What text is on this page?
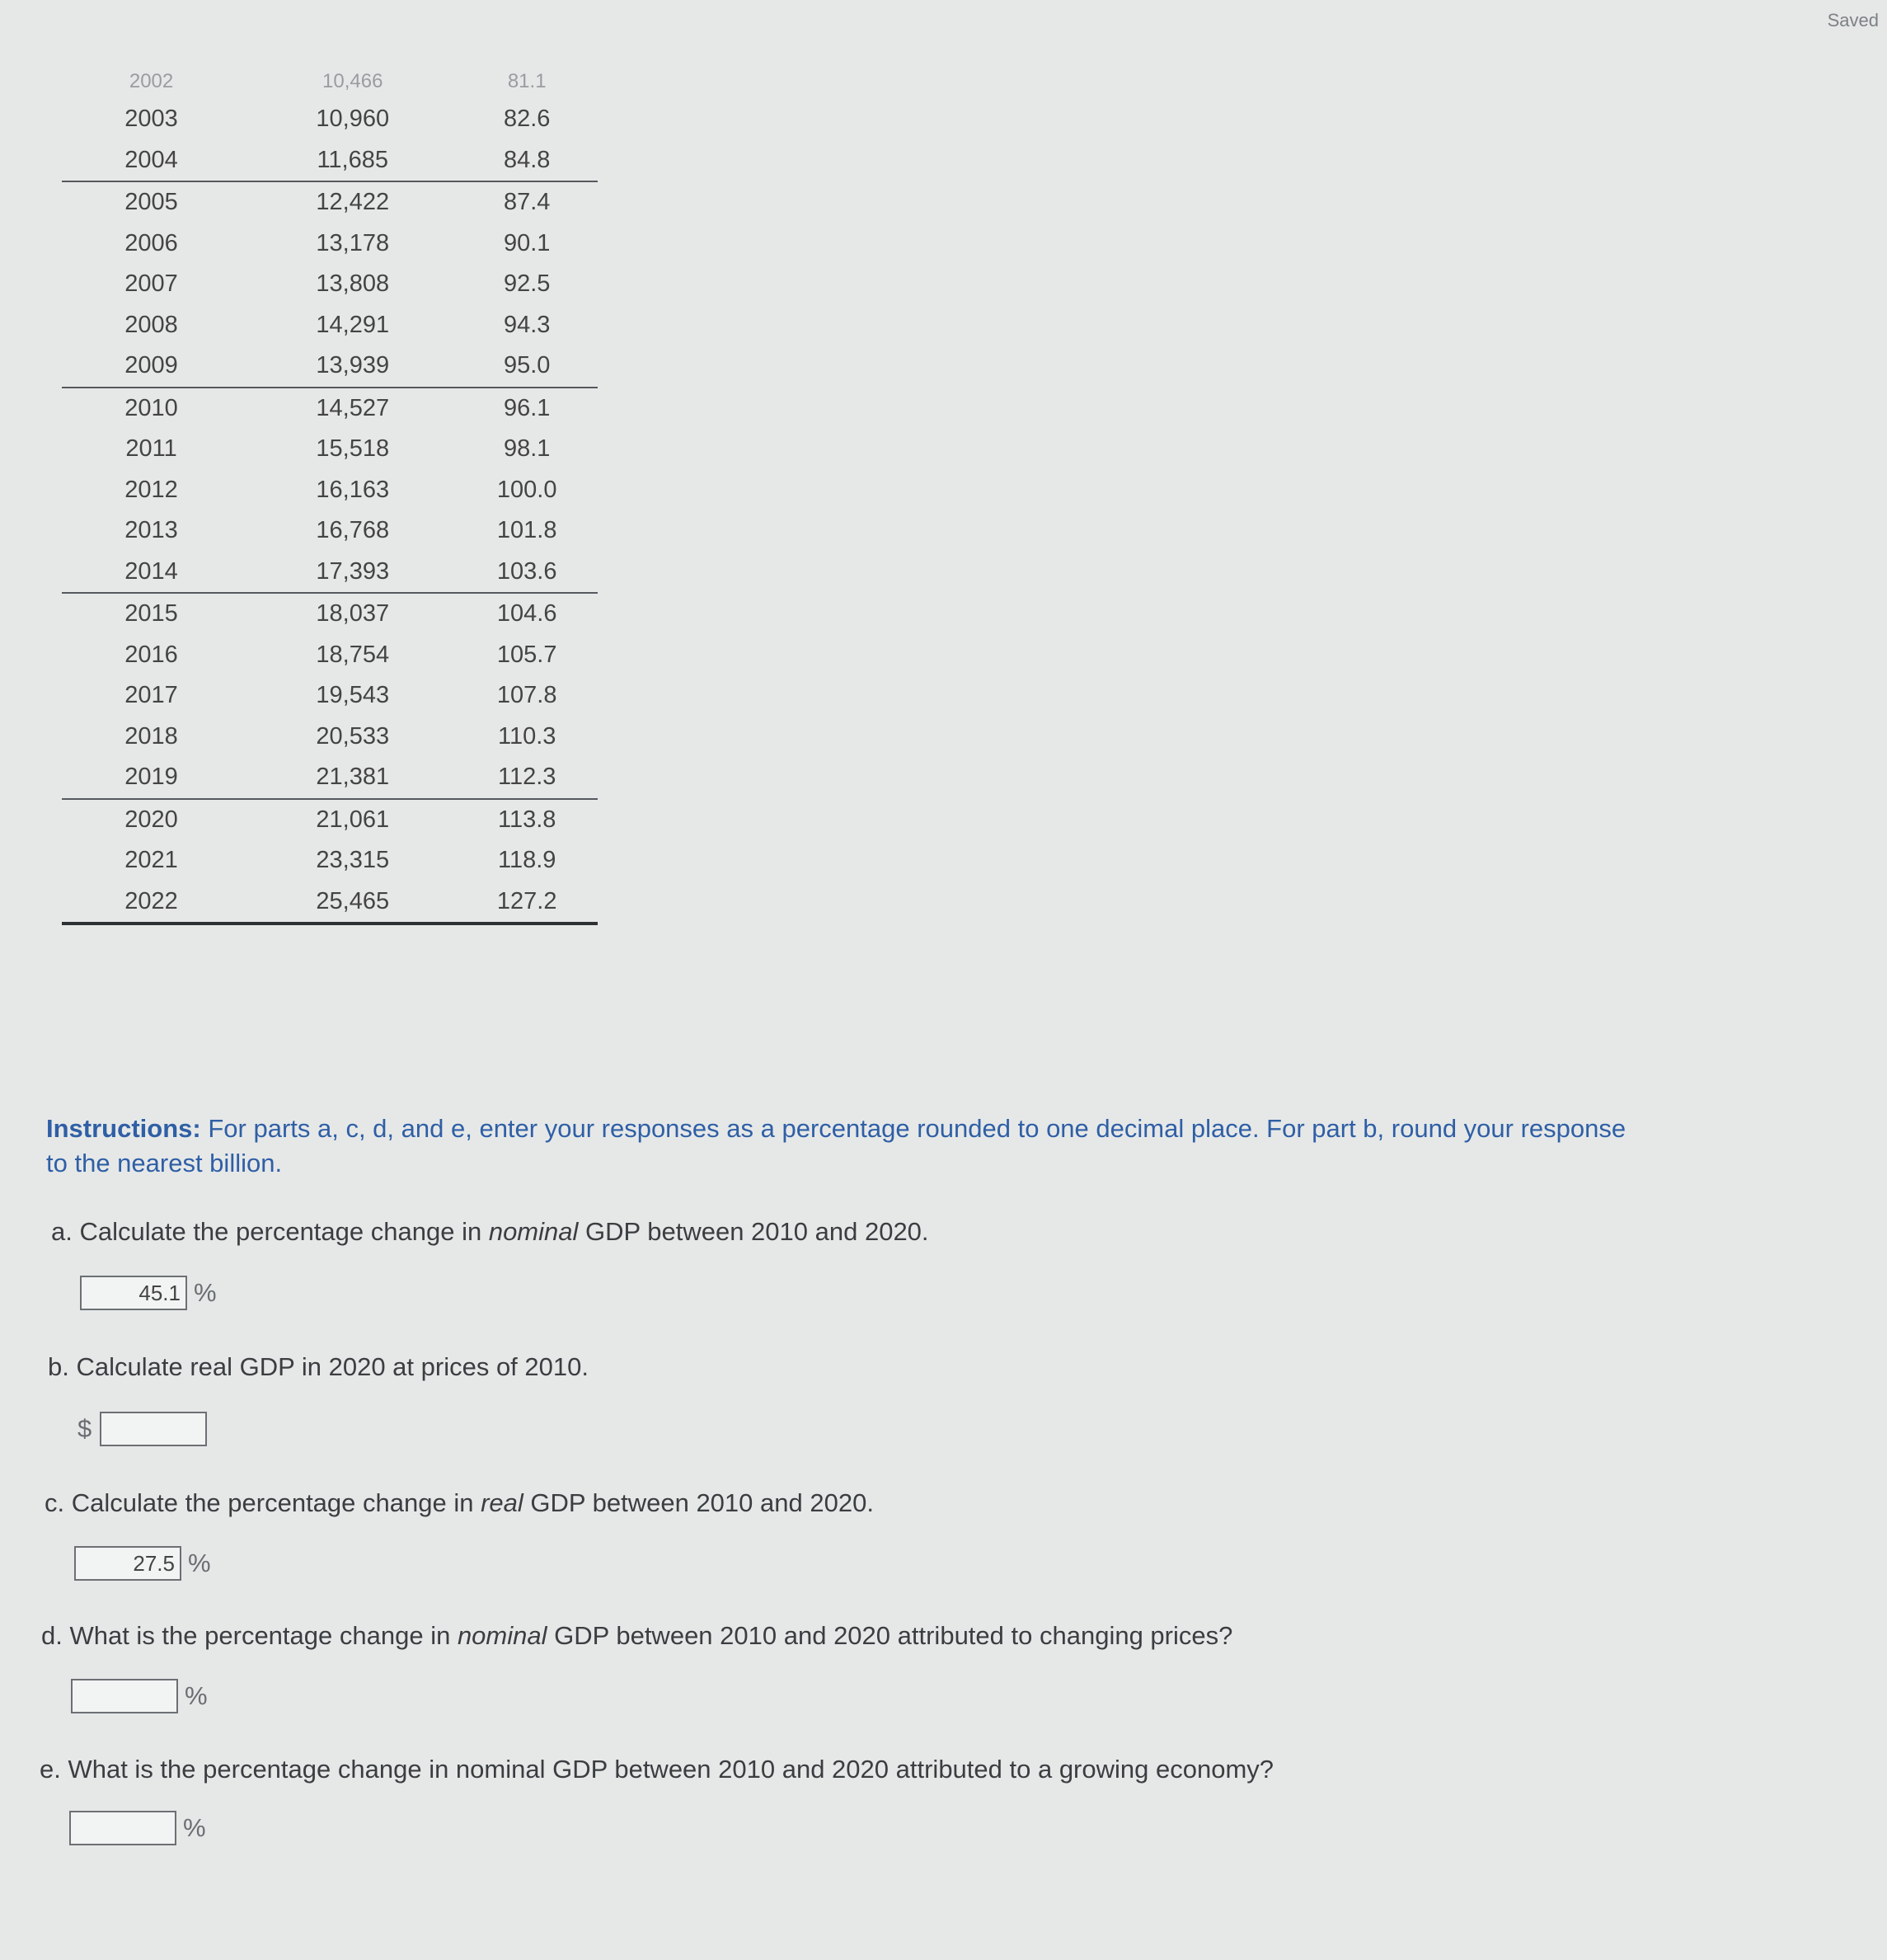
Saved
2002	10,466	81.1
2003	10,960	82.6
2004	11,685	84.8
2005	12,422	87.4
2006	13,178	90.1
2007	13,808	92.5
2008	14,291	94.3
2009	13,939	95.0
2010	14,527	96.1
2011	15,518	98.1
2012	16,163	100.0
2013	16,768	101.8
2014	17,393	103.6
2015	18,037	104.6
2016	18,754	105.7
2017	19,543	107.8
2018	20,533	110.3
2019	21,381	112.3
2020	21,061	113.8
2021	23,315	118.9
2022	25,465	127.2
Instructions: For parts a, c, d, and e, enter your responses as a percentage rounded to one decimal place. For part b, round your response to the nearest billion.
a. Calculate the percentage change in nominal GDP between 2010 and 2020.
45.1
%
b. Calculate real GDP in 2020 at prices of 2010.
$
c. Calculate the percentage change in real GDP between 2010 and 2020.
27.5
%
d. What is the percentage change in nominal GDP between 2010 and 2020 attributed to changing prices?
%
e. What is the percentage change in nominal GDP between 2010 and 2020 attributed to a growing economy?
%
